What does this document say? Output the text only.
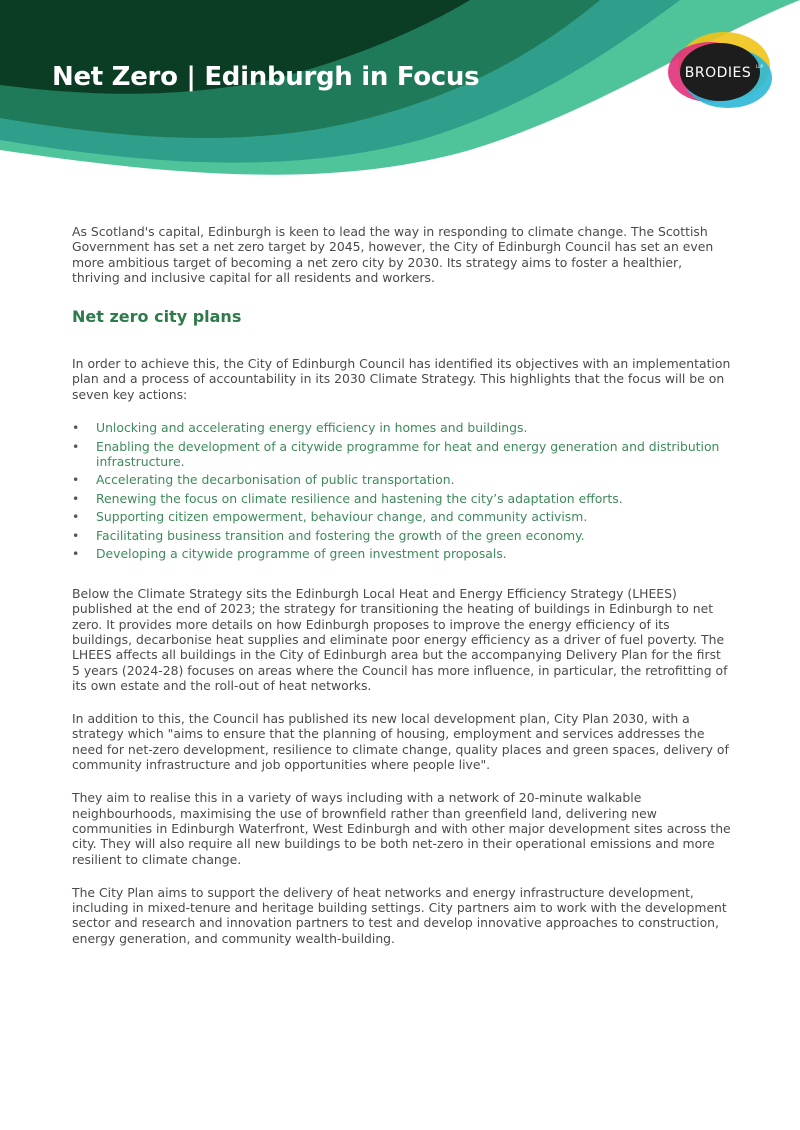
Net Zero | Edinburgh in Focus	BRODIES LLP

As Scotland's capital, Edinburgh is keen to lead the way in responding to climate change. The Scottish Government has set a net zero target by 2045, however, the City of Edinburgh Council has set an even more ambitious target of becoming a net zero city by 2030. Its strategy aims to foster a healthier, thriving and inclusive capital for all residents and workers.

Net zero city plans

In order to achieve this, the City of Edinburgh Council has identified its objectives with an implementation plan and a process of accountability in its 2030 Climate Strategy. This highlights that the focus will be on seven key actions:

• Unlocking and accelerating energy efficiency in homes and buildings.
• Enabling the development of a citywide programme for heat and energy generation and distribution infrastructure.
• Accelerating the decarbonisation of public transportation.
• Renewing the focus on climate resilience and hastening the city’s adaptation efforts.
• Supporting citizen empowerment, behaviour change, and community activism.
• Facilitating business transition and fostering the growth of the green economy.
• Developing a citywide programme of green investment proposals.

Below the Climate Strategy sits the Edinburgh Local Heat and Energy Efficiency Strategy (LHEES) published at the end of 2023; the strategy for transitioning the heating of buildings in Edinburgh to net zero. It provides more details on how Edinburgh proposes to improve the energy efficiency of its buildings, decarbonise heat supplies and eliminate poor energy efficiency as a driver of fuel poverty. The LHEES affects all buildings in the City of Edinburgh area but the accompanying Delivery Plan for the first 5 years (2024-28) focuses on areas where the Council has more influence, in particular, the retrofitting of its own estate and the roll-out of heat networks.

In addition to this, the Council has published its new local development plan, City Plan 2030, with a strategy which "aims to ensure that the planning of housing, employment and services addresses the need for net-zero development, resilience to climate change, quality places and green spaces, delivery of community infrastructure and job opportunities where people live".

They aim to realise this in a variety of ways including with a network of 20-minute walkable neighbourhoods, maximising the use of brownfield rather than greenfield land, delivering new communities in Edinburgh Waterfront, West Edinburgh and with other major development sites across the city. They will also require all new buildings to be both net-zero in their operational emissions and more resilient to climate change.

The City Plan aims to support the delivery of heat networks and energy infrastructure development, including in mixed-tenure and heritage building settings. City partners aim to work with the development sector and research and innovation partners to test and develop innovative approaches to construction, energy generation, and community wealth-building.
